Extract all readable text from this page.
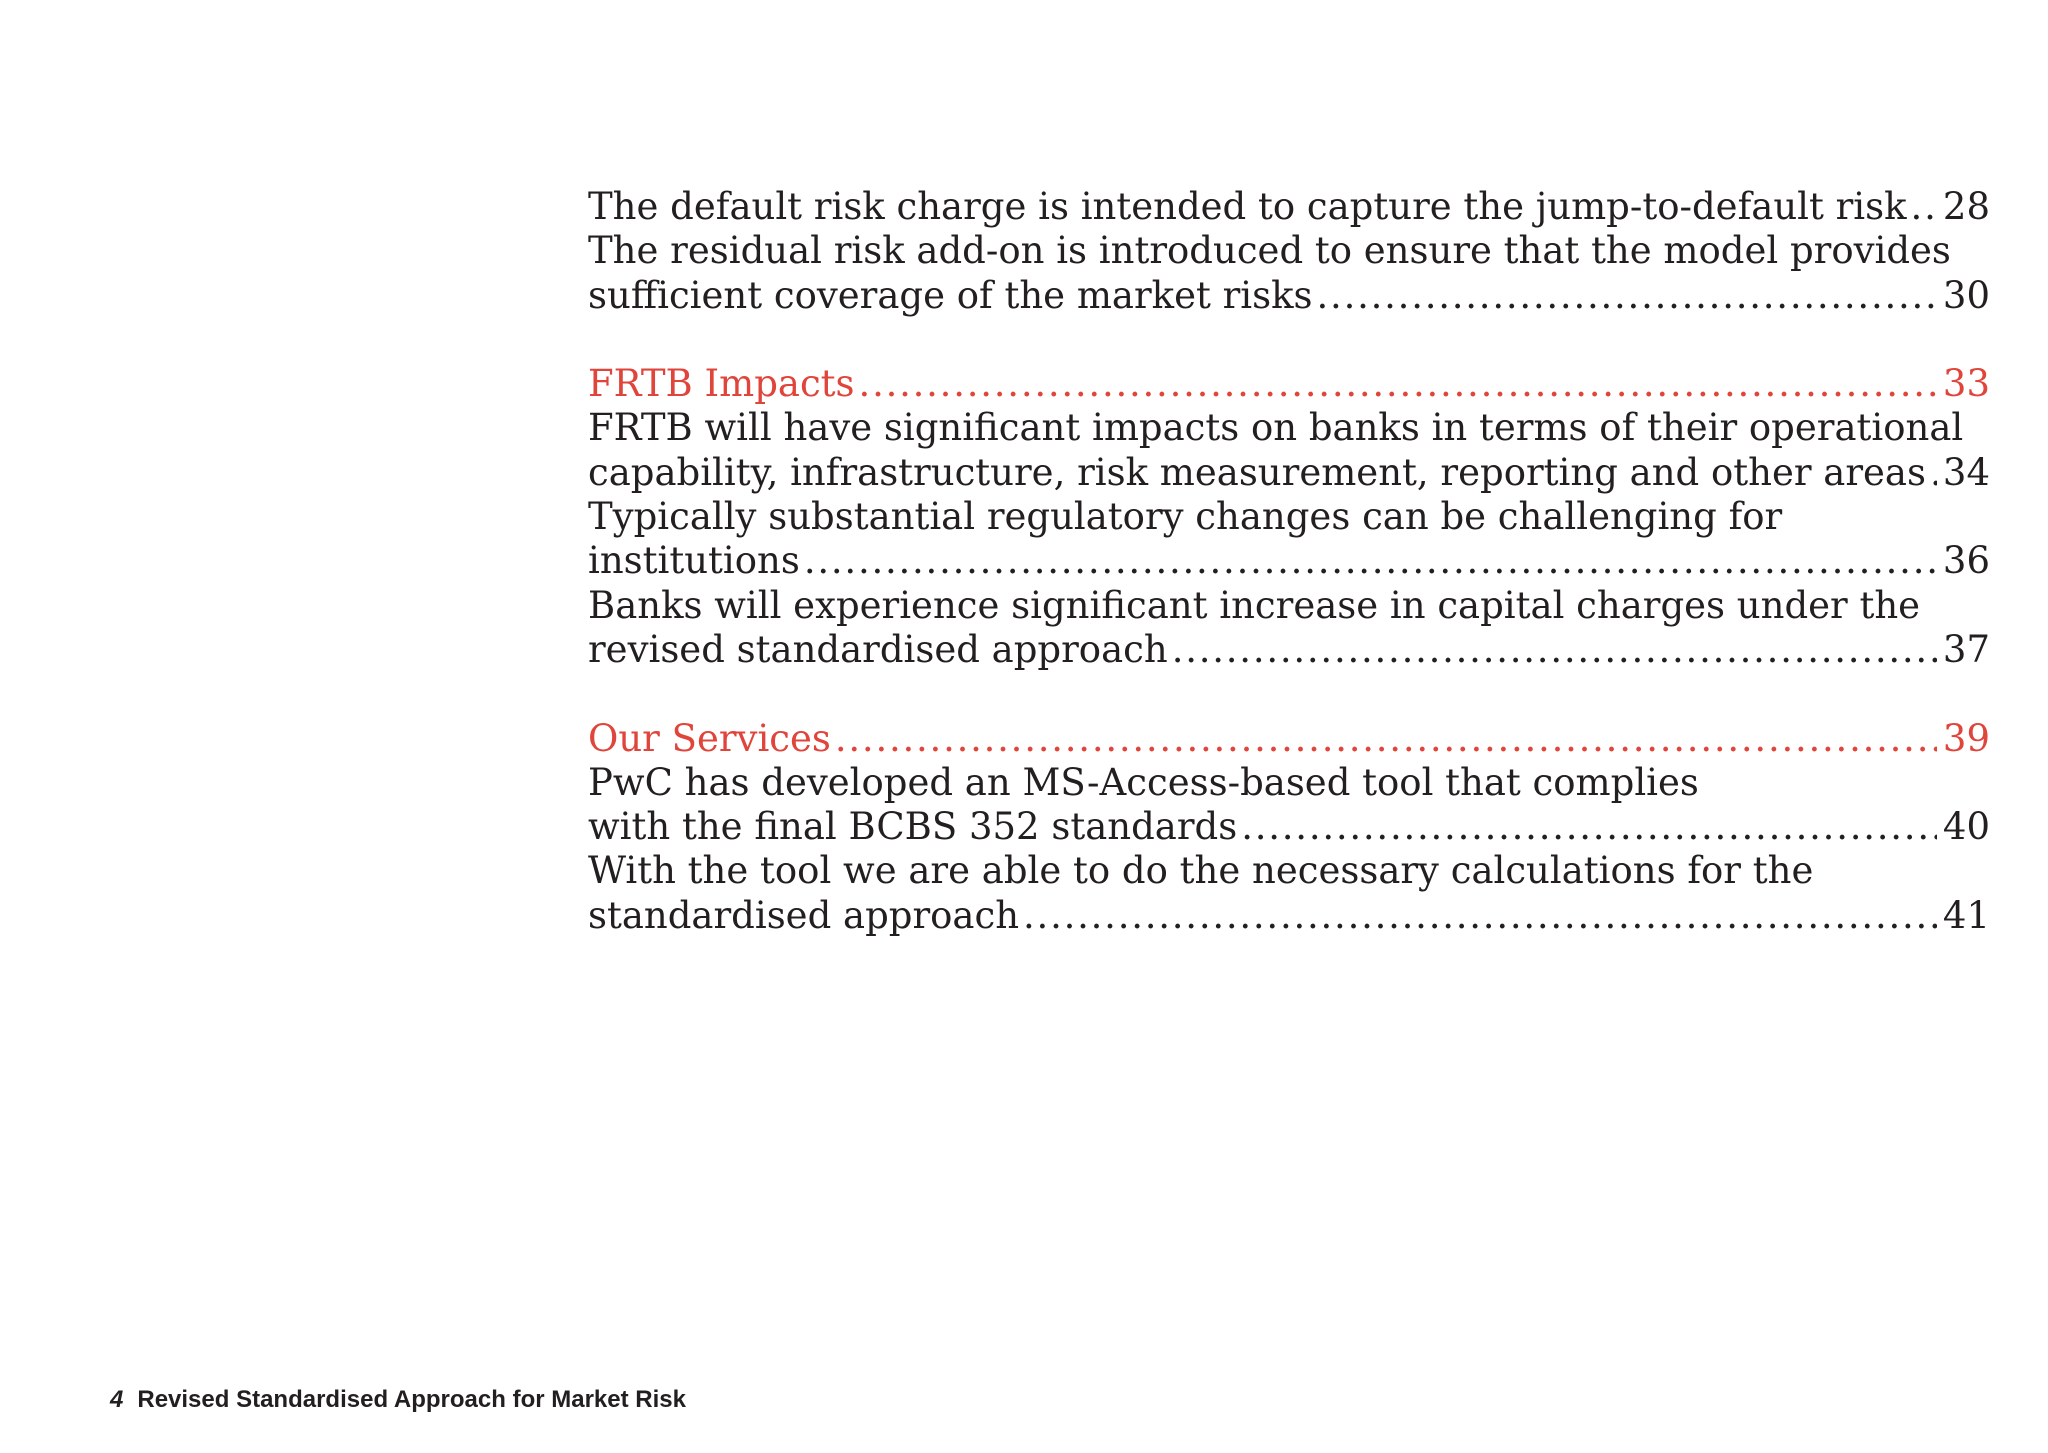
The default risk charge is intended to capture the jump-to-default risk . . . 28
The residual risk add-on is introduced to ensure that the model provides
sufficient coverage of the market risks . . .	30
FRTB Impacts . . .	33
FRTB will have significant impacts on banks in terms of their operational
capability, infrastructure, risk measurement, reporting and other areas . . . 34
Typically substantial regulatory changes can be challenging for
institutions . . .	36
Banks will experience significant increase in capital charges under the
revised standardised approach . . .	37
Our Services . . .	39
PwC has developed an MS-Access-based tool that complies
with the final BCBS 352 standards . . .	40
With the tool we are able to do the necessary calculations for the
standardised approach . . .	41
4 Revised Standardised Approach for Market Risk
